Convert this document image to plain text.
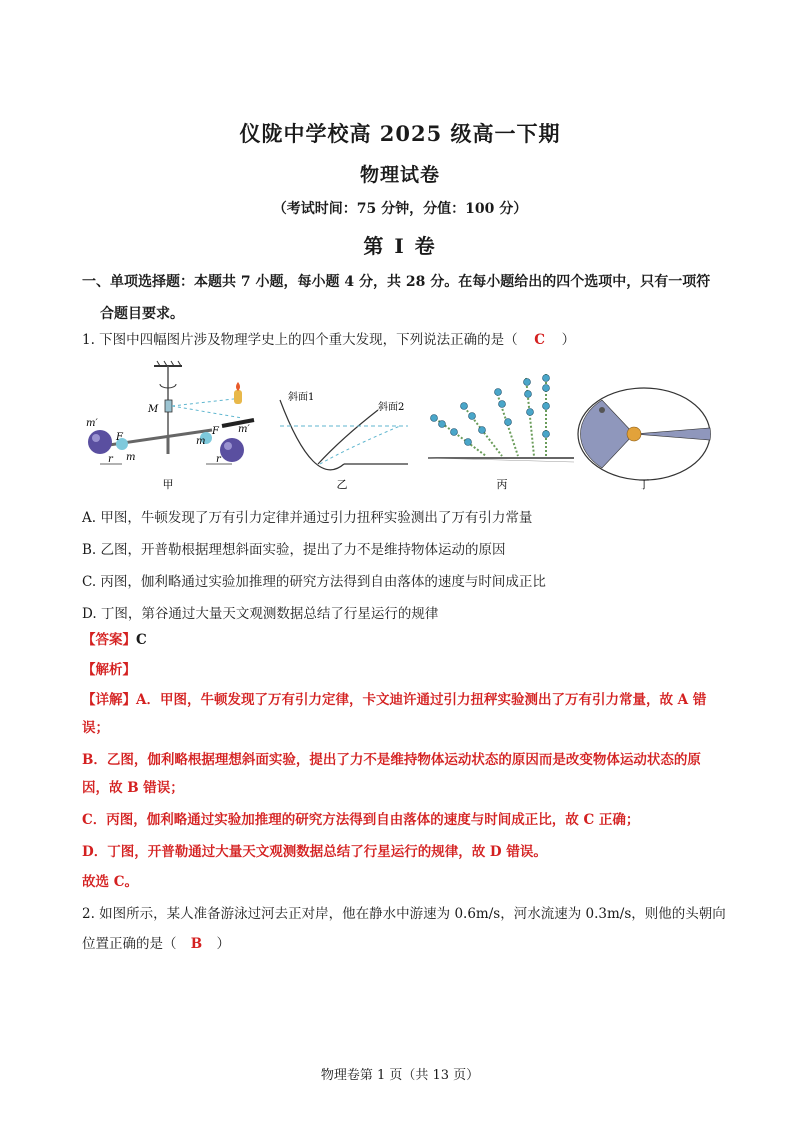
仪陇中学校高 2025 级高一下期
物理试卷
（考试时间：75 分钟，分值：100 分）
第 I 卷
一、单项选择题：本题共 7 小题，每小题 4 分，共 28 分。在每小题给出的四个选项中，只有一项符
合题目要求。
1. 下图中四幅图片涉及物理学史上的四个重大发现，下列说法正确的是（ C ）
M
m′
m′
F
F
m
m
r	r
甲
斜面1
斜面2
乙	丙	丁
A. 甲图，牛顿发现了万有引力定律并通过引力扭秤实验测出了万有引力常量
B. 乙图，开普勒根据理想斜面实验，提出了力不是维持物体运动的原因
C. 丙图，伽利略通过实验加推理的研究方法得到自由落体的速度与时间成正比
D. 丁图，第谷通过大量天文观测数据总结了行星运行的规律
【答案】C
【解析】
【详解】A．甲图，牛顿发现了万有引力定律，卡文迪许通过引力扭秤实验测出了万有引力常量，故 A 错
误；
B．乙图，伽利略根据理想斜面实验，提出了力不是维持物体运动状态的原因而是改变物体运动状态的原
因，故 B 错误；
C．丙图，伽利略通过实验加推理的研究方法得到自由落体的速度与时间成正比，故 C 正确；
D．丁图，开普勒通过大量天文观测数据总结了行星运行的规律，故 D 错误。
故选 C。
2. 如图所示，某人准备游泳过河去正对岸，他在静水中游速为 0.6m/s，河水流速为 0.3m/s，则他的头朝向
位置正确的是（ B ）
物理卷第 1 页（共 13 页）
